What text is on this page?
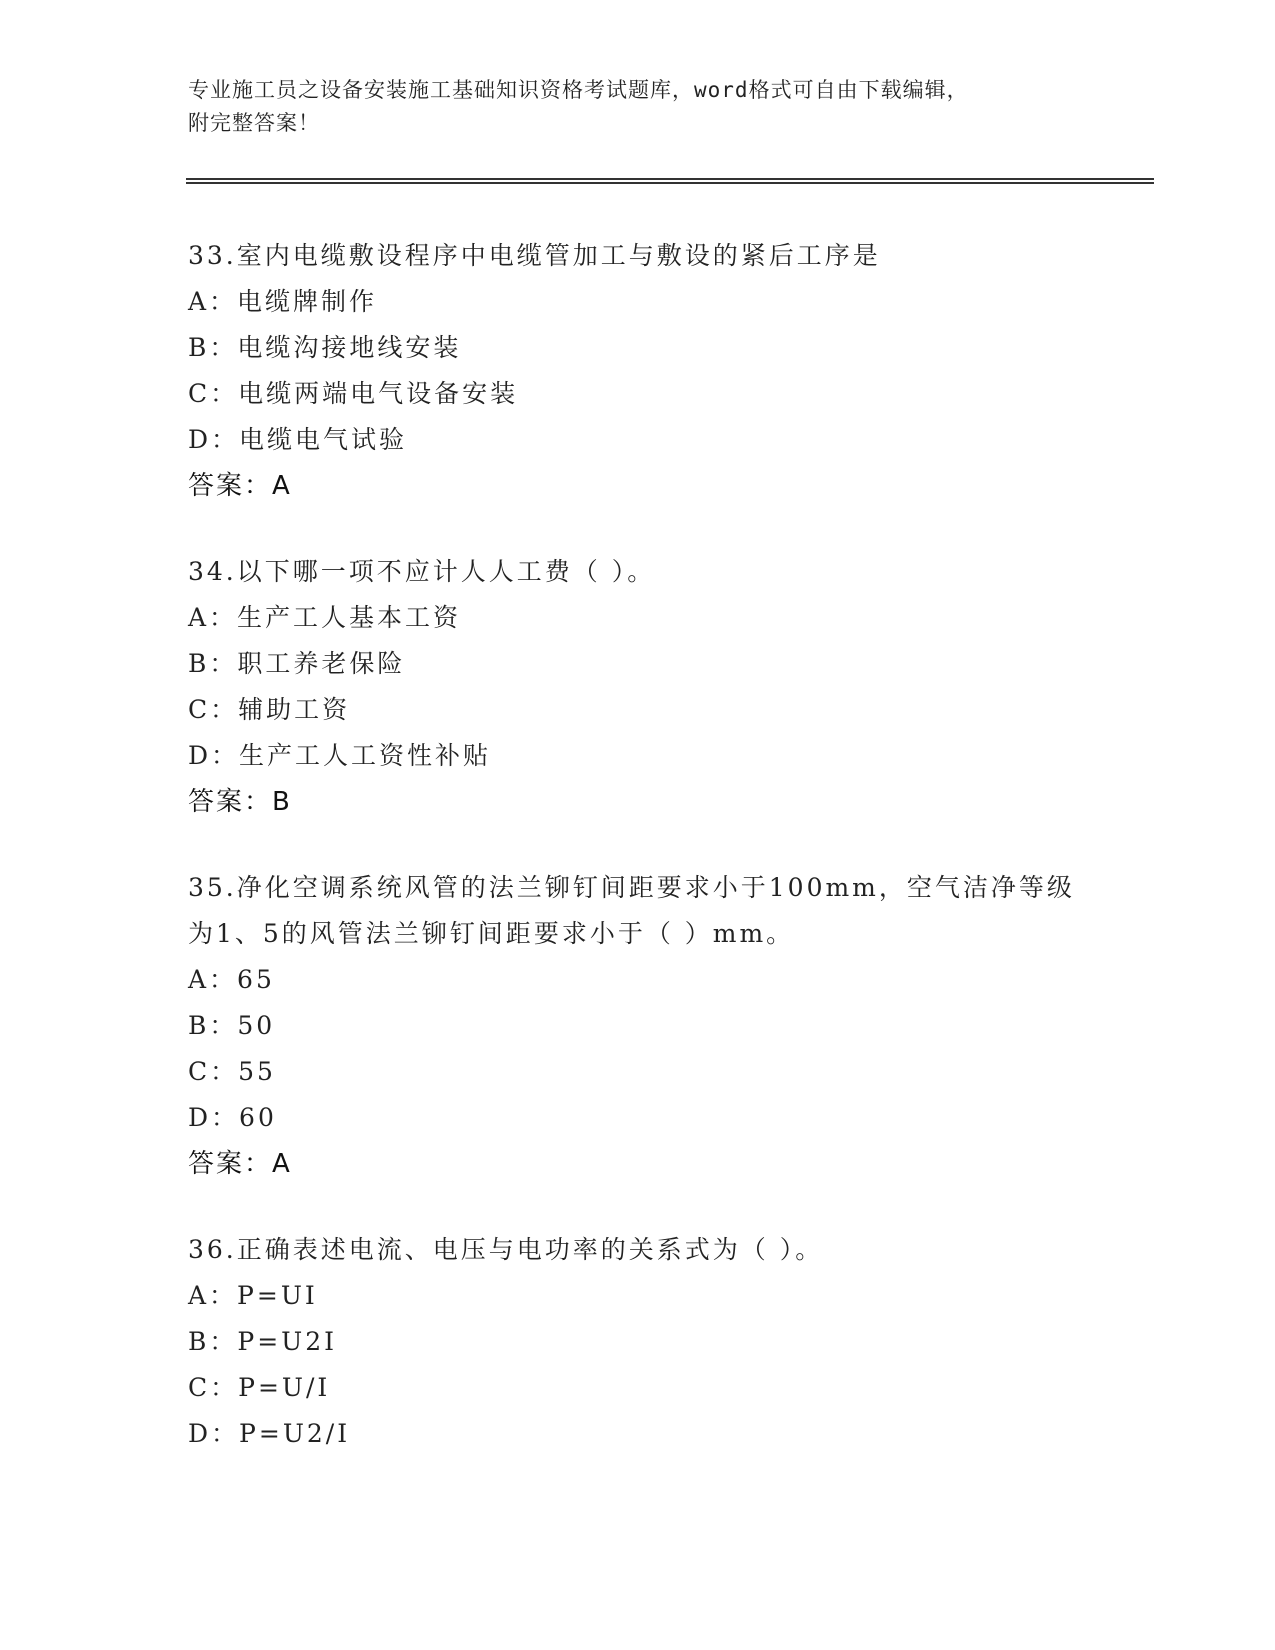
专业施工员之设备安装施工基础知识资格考试题库，word格式可自由下载编辑，
附完整答案！
33.室内电缆敷设程序中电缆管加工与敷设的紧后工序是
A：电缆牌制作
B：电缆沟接地线安装
C：电缆两端电气设备安装
D：电缆电气试验
答案：A
34.以下哪一项不应计人人工费（ ）。
A：生产工人基本工资
B：职工养老保险
C：辅助工资
D：生产工人工资性补贴
答案：B
35.净化空调系统风管的法兰铆钉间距要求小于100mm，空气洁净等级为1、5的风管法兰铆钉间距要求小于（ ）mm。
A：65
B：50
C：55
D：60
答案：A
36.正确表述电流、电压与电功率的关系式为（ ）。
A：P=UI
B：P=U2I
C：P=U/I
D：P=U2/I
